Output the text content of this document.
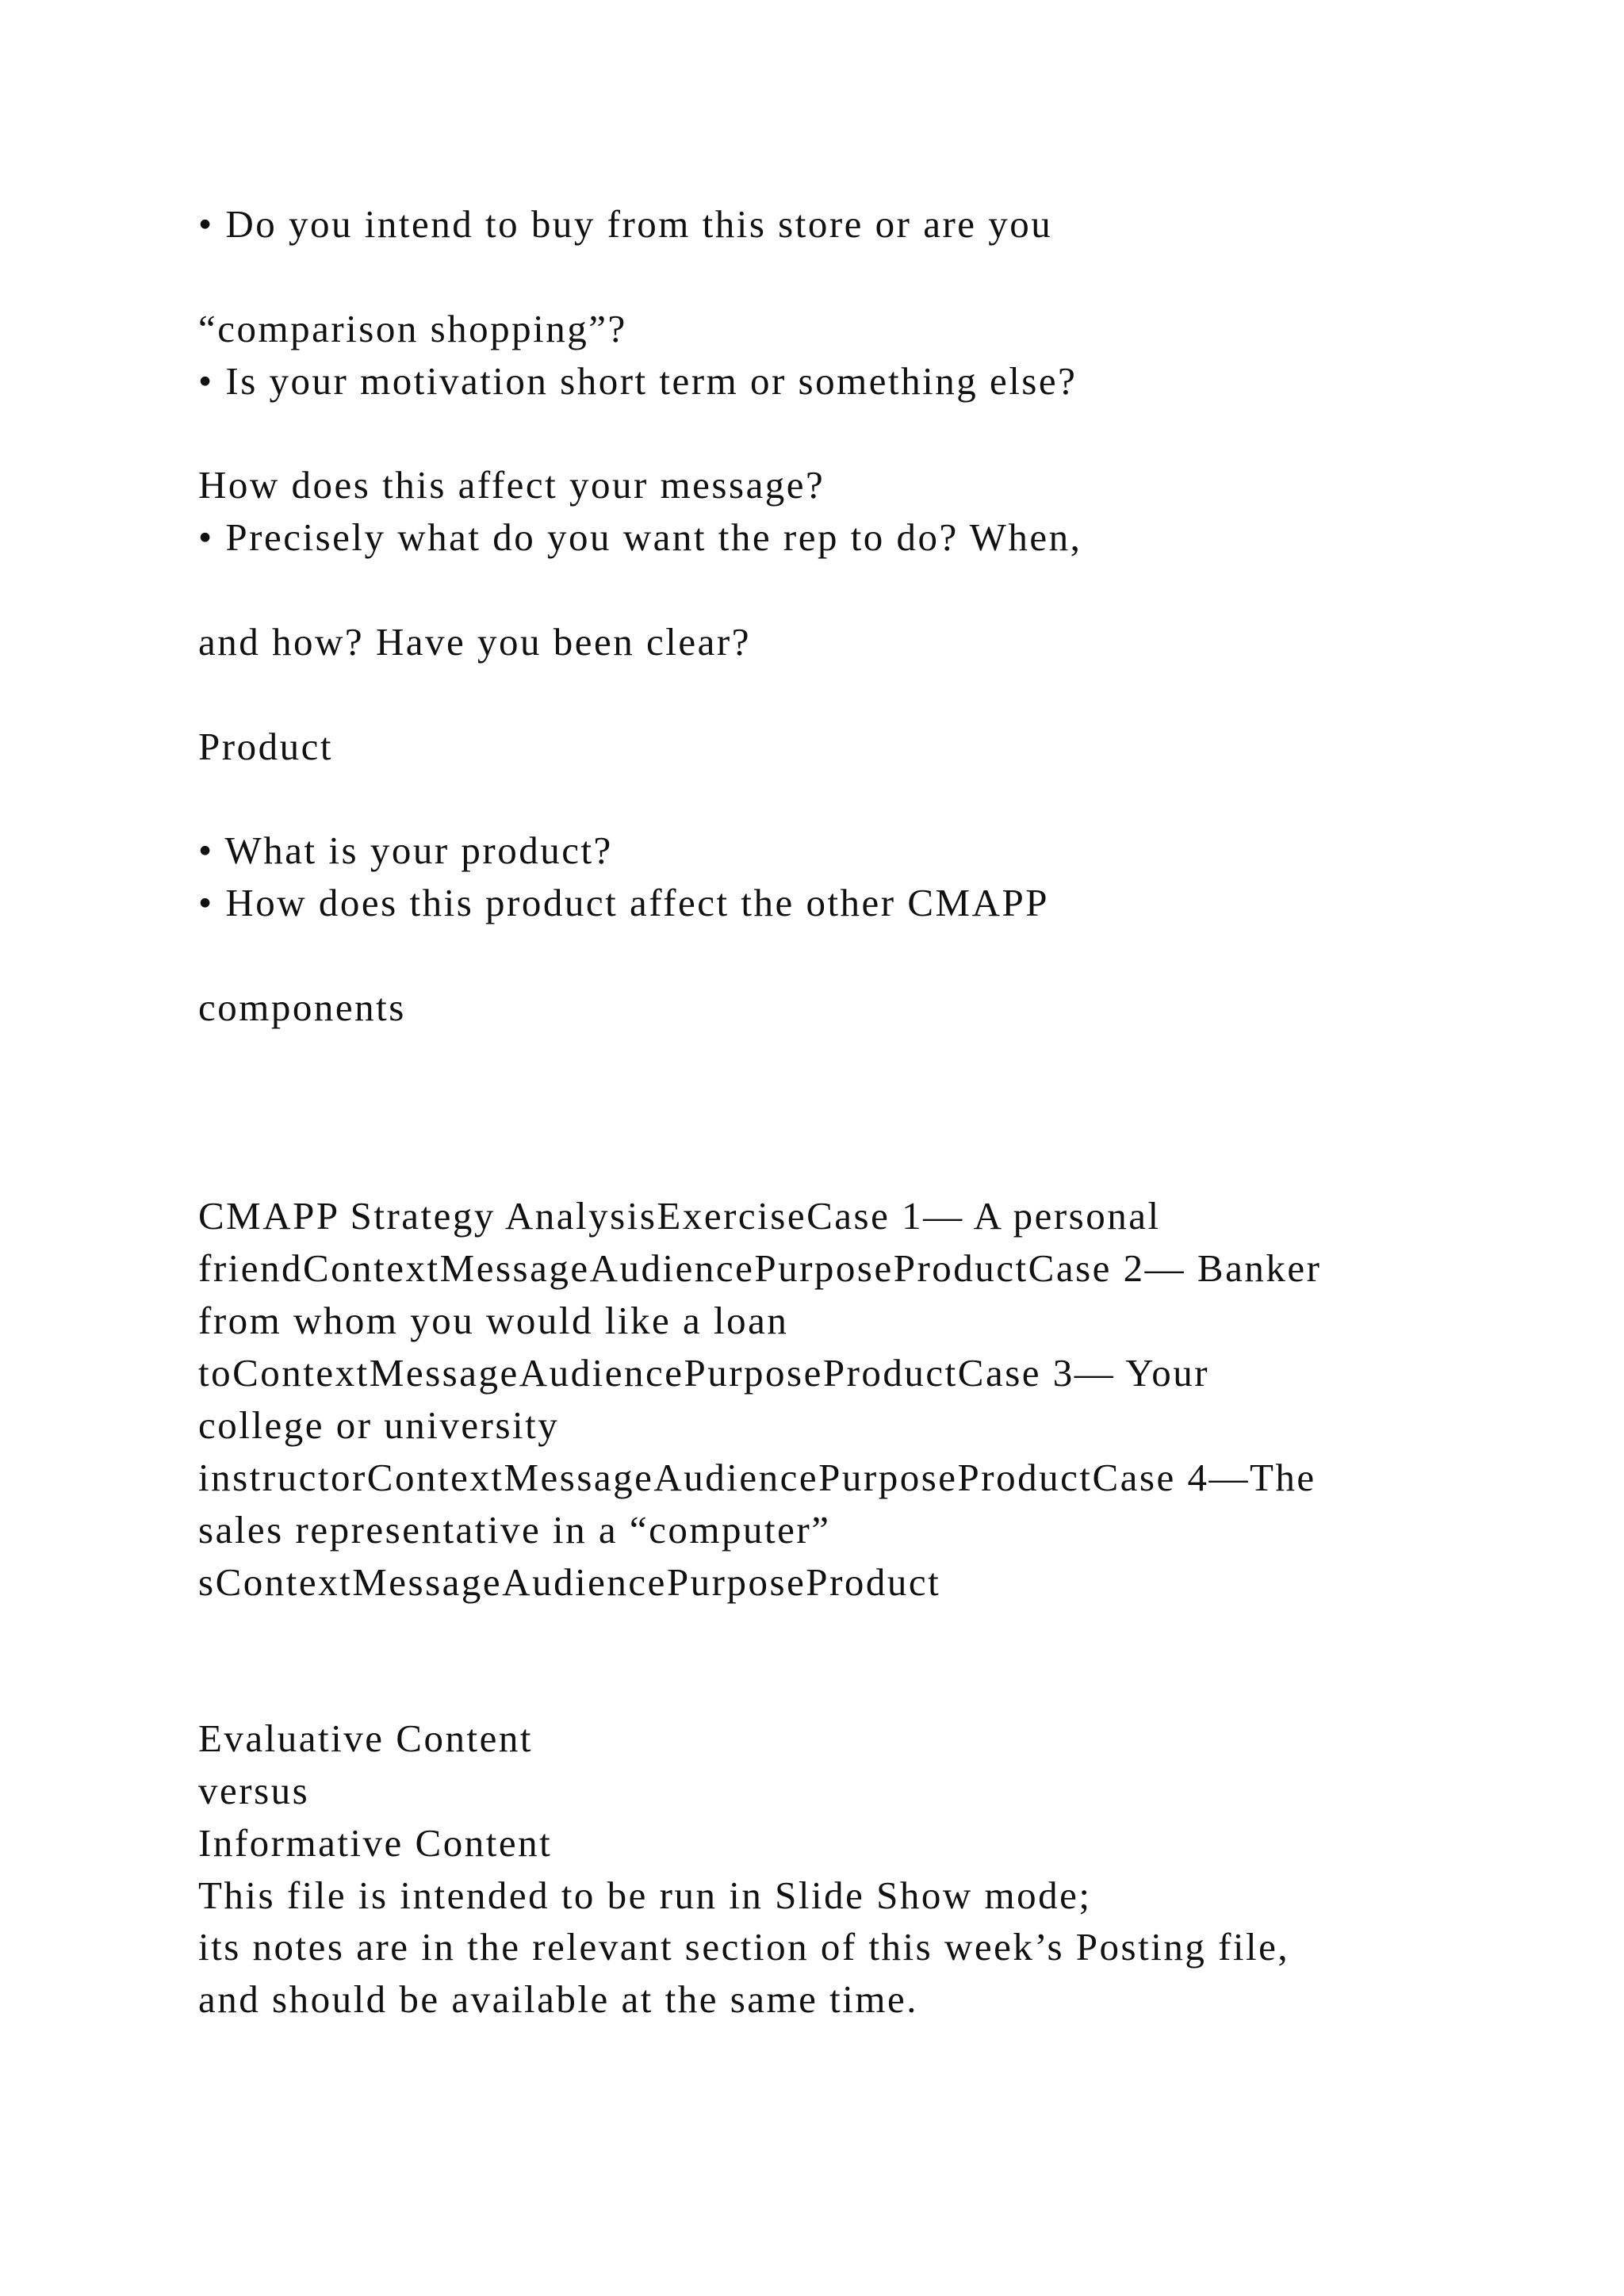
• Do you intend to buy from this store or are you
“comparison shopping”?
• Is your motivation short term or something else?
How does this affect your message?
• Precisely what do you want the rep to do? When,
and how? Have you been clear?
Product
• What is your product?
• How does this product affect the other CMAPP
components
CMAPP Strategy AnalysisExerciseCase 1— A personal
friendContextMessageAudiencePurposeProductCase 2— Banker
from whom you would like a loan
toContextMessageAudiencePurposeProductCase 3— Your
college or university
instructorContextMessageAudiencePurposeProductCase 4—The
sales representative in a “computer”
sContextMessageAudiencePurposeProduct
Evaluative Content
versus
Informative Content
This file is intended to be run in Slide Show mode;
its notes are in the relevant section of this week’s Posting file,
and should be available at the same time.
